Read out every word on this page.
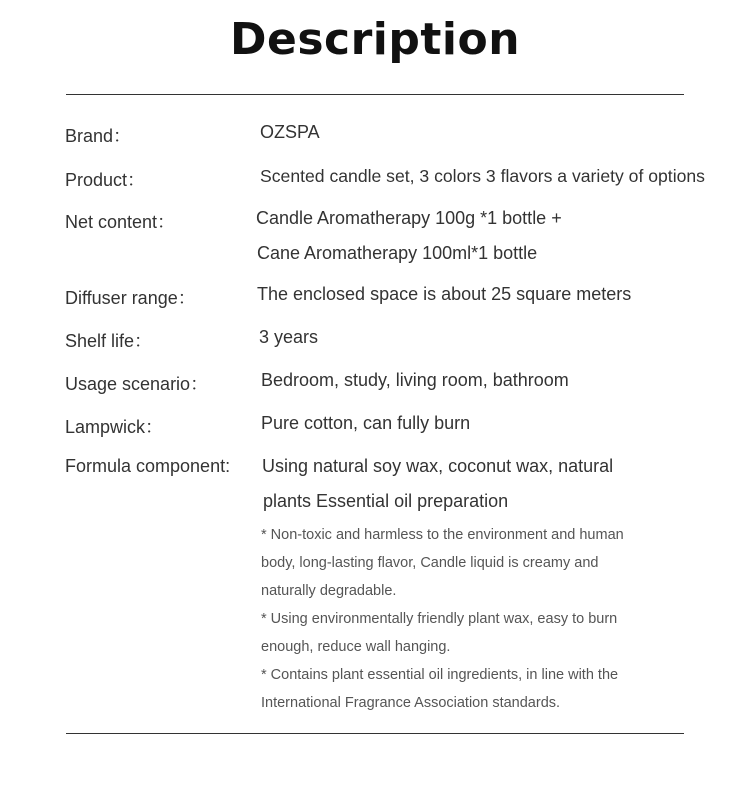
Description
Brand：	OZSPA
Product：	Scented candle set, 3 colors 3 flavors a variety of options
Net content：	Candle Aromatherapy 100g *1 bottle +
Cane Aromatherapy 100ml*1 bottle
Diffuser range：	The enclosed space is about 25 square meters
Shelf life：	3 years
Usage scenario：	Bedroom, study, living room, bathroom
Lampwick：	Pure cotton, can fully burn
Formula component: Using natural soy wax, coconut wax, natural
plants Essential oil preparation
* Non-toxic and harmless to the environment and human
body, long-lasting flavor, Candle liquid is creamy and
naturally degradable.
* Using environmentally friendly plant wax, easy to burn
enough, reduce wall hanging.
* Contains plant essential oil ingredients, in line with the
International Fragrance Association standards.
